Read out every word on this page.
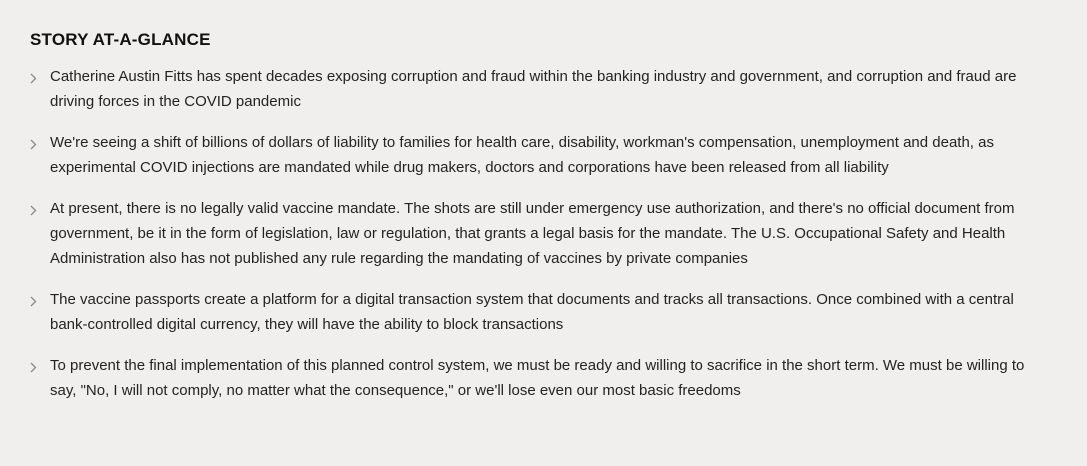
STORY AT-A-GLANCE
Catherine Austin Fitts has spent decades exposing corruption and fraud within the banking industry and government, and corruption and fraud are driving forces in the COVID pandemic
We're seeing a shift of billions of dollars of liability to families for health care, disability, workman's compensation, unemployment and death, as experimental COVID injections are mandated while drug makers, doctors and corporations have been released from all liability
At present, there is no legally valid vaccine mandate. The shots are still under emergency use authorization, and there's no official document from government, be it in the form of legislation, law or regulation, that grants a legal basis for the mandate. The U.S. Occupational Safety and Health Administration also has not published any rule regarding the mandating of vaccines by private companies
The vaccine passports create a platform for a digital transaction system that documents and tracks all transactions. Once combined with a central bank-controlled digital currency, they will have the ability to block transactions
To prevent the final implementation of this planned control system, we must be ready and willing to sacrifice in the short term. We must be willing to say, "No, I will not comply, no matter what the consequence," or we'll lose even our most basic freedoms
